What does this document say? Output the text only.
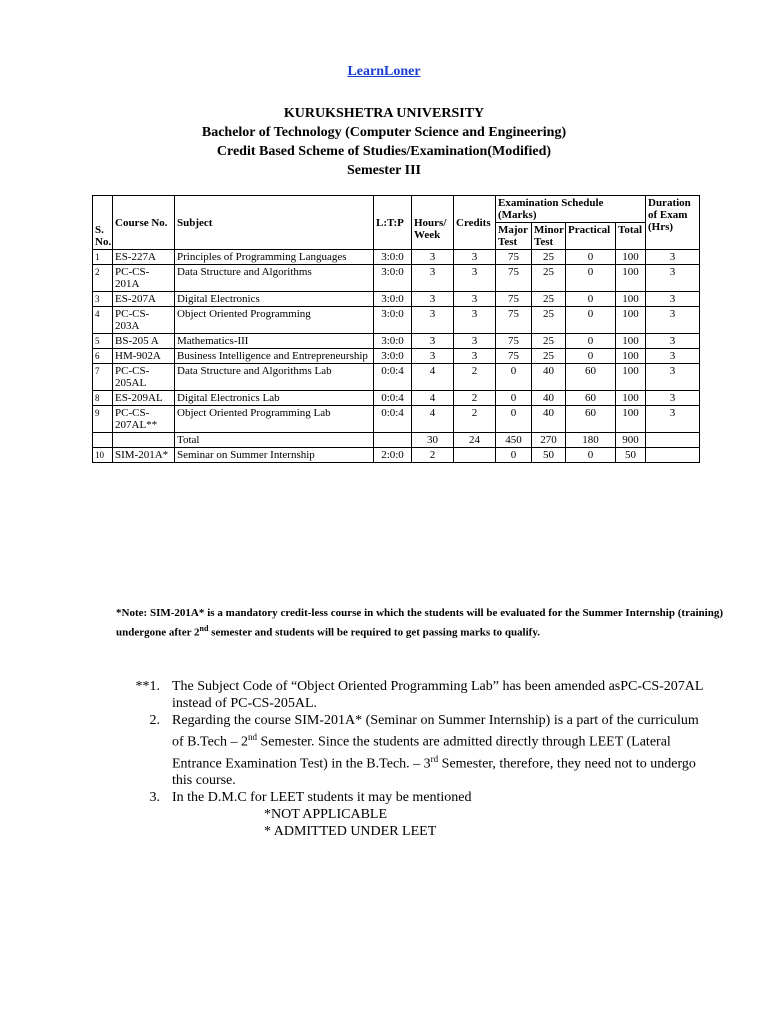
LearnLoner
KURUKSHETRA UNIVERSITY
Bachelor of Technology (Computer Science and Engineering)
Credit Based Scheme of Studies/Examination(Modified)
Semester III
S. No.	Course No.	Subject	L:T:P	Hours/ Week	Credits	Examination Schedule (Marks)				Duration of Exam (Hrs)
						Major Test	Minor Test	Practical	Total	
1	ES-227A	Principles of Programming Languages	3:0:0	3	3	75	25	0	100	3
2	PC-CS-201A	Data Structure and Algorithms	3:0:0	3	3	75	25	0	100	3
3	ES-207A	Digital Electronics	3:0:0	3	3	75	25	0	100	3
4	PC-CS-203A	Object Oriented Programming	3:0:0	3	3	75	25	0	100	3
5	BS-205 A	Mathematics-III	3:0:0	3	3	75	25	0	100	3
6	HM-902A	Business Intelligence and Entrepreneurship	3:0:0	3	3	75	25	0	100	3
7	PC-CS-205AL	Data Structure and Algorithms Lab	0:0:4	4	2	0	40	60	100	3
8	ES-209AL	Digital Electronics Lab	0:0:4	4	2	0	40	60	100	3
9	PC-CS-207AL**	Object Oriented Programming Lab	0:0:4	4	2	0	40	60	100	3
		Total		30	24	450	270	180	900	
10	SIM-201A*	Seminar on Summer Internship	2:0:0	2		0	50	0	50	
*Note: SIM-201A* is a mandatory credit-less course in which the students will be evaluated for the Summer Internship (training) undergone after 2nd semester and students will be required to get passing marks to qualify.
**1. The Subject Code of “Object Oriented Programming Lab” has been amended asPC-CS-207AL instead of PC-CS-205AL.
2. Regarding the course SIM-201A* (Seminar on Summer Internship) is a part of the curriculum of B.Tech – 2nd Semester. Since the students are admitted directly through LEET (Lateral Entrance Examination Test) in the B.Tech. – 3rd Semester, therefore, they need not to undergo this course.
3. In the D.M.C for LEET students it may be mentioned
*NOT APPLICABLE
* ADMITTED UNDER LEET
